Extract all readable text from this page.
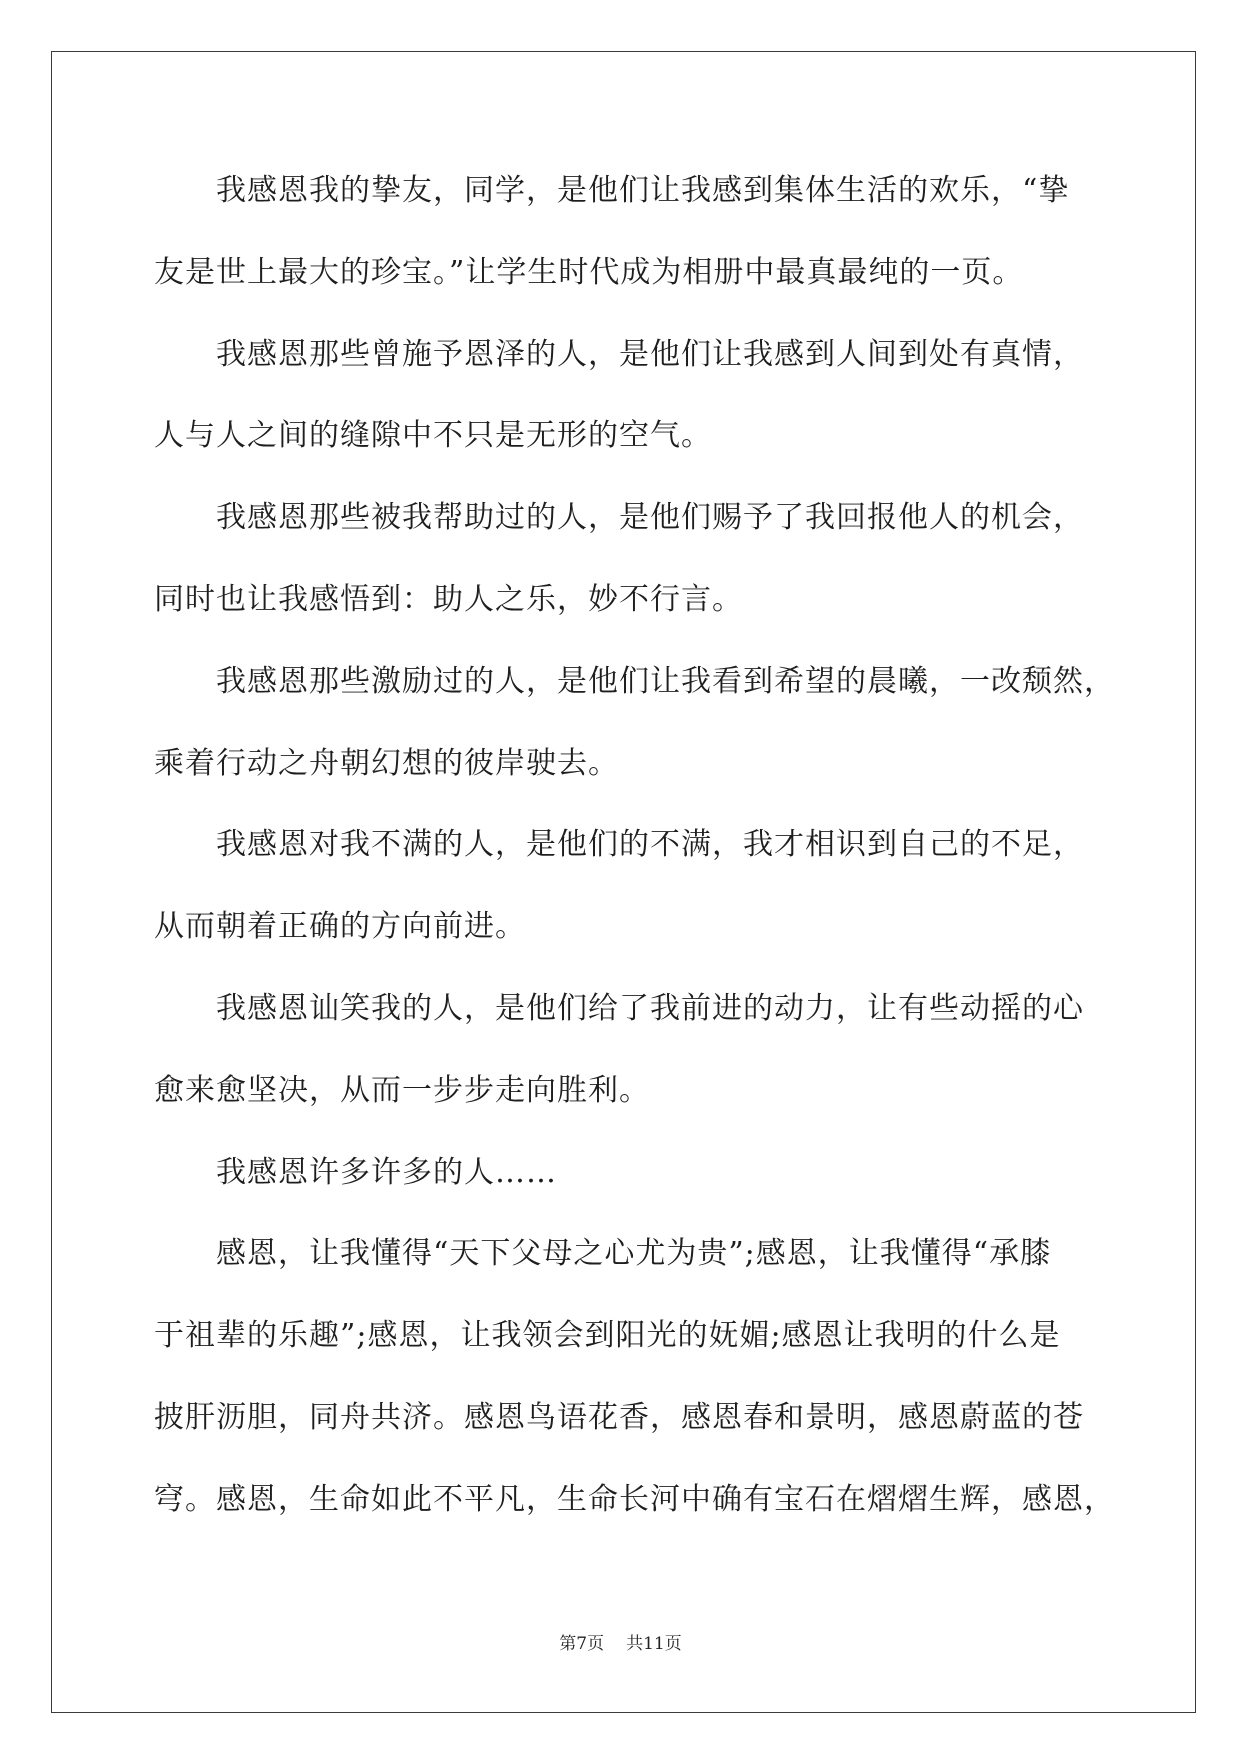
我感恩我的挚友，同学，是他们让我感到集体生活的欢乐，“挚
友是世上最大的珍宝。”让学生时代成为相册中最真最纯的一页。
我感恩那些曾施予恩泽的人，是他们让我感到人间到处有真情，
人与人之间的缝隙中不只是无形的空气。
我感恩那些被我帮助过的人，是他们赐予了我回报他人的机会，
同时也让我感悟到：助人之乐，妙不行言。
我感恩那些激励过的人，是他们让我看到希望的晨曦，一改颓然，
乘着行动之舟朝幻想的彼岸驶去。
我感恩对我不满的人，是他们的不满，我才相识到自己的不足，
从而朝着正确的方向前进。
我感恩讪笑我的人，是他们给了我前进的动力，让有些动摇的心
愈来愈坚决，从而一步步走向胜利。
我感恩许多许多的人……
感恩，让我懂得“天下父母之心尤为贵”;感恩，让我懂得“承膝
于祖辈的乐趣”;感恩，让我领会到阳光的妩媚;感恩让我明的什么是
披肝沥胆，同舟共济。感恩鸟语花香，感恩春和景明，感恩蔚蓝的苍
穹。感恩，生命如此不平凡，生命长河中确有宝石在熠熠生辉，感恩，
第7页 共11页
